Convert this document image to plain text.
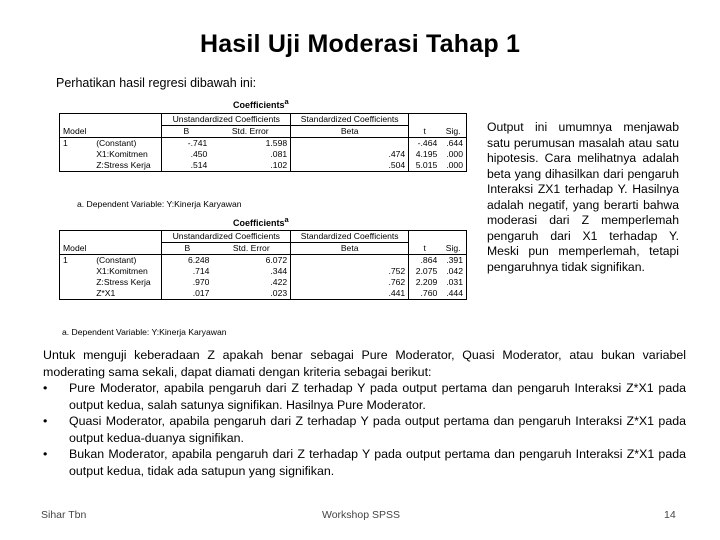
Hasil Uji Moderasi Tahap 1
Perhatikan hasil regresi dibawah ini:
Coefficients$^a$
		Unstandardized Coefficients		Standardized Coefficients		
Model		B	Std. Error	Beta	t	Sig.
1	(Constant)	-.741	1.598		-.464	.644
	X1:Komitmen	.450	.081	.474	4.195	.000
	Z:Stress Kerja	.514	.102	.504	5.015	.000
a. Dependent Variable: Y:Kinerja Karyawan
Coefficients$^a$
		Unstandardized Coefficients		Standardized Coefficients		
Model		B	Std. Error	Beta	t	Sig.
1	(Constant)	6.248	6.072		.864	.391
	X1:Komitmen	.714	.344	.752	2.075	.042
	Z:Stress Kerja	.970	.422	.762	2.209	.031
	Z*X1	.017	.023	.441	.760	.444
a. Dependent Variable: Y:Kinerja Karyawan
Output ini umumnya menjawab satu perumusan masalah atau satu hipotesis. Cara melihatnya adalah beta yang dihasilkan dari pengaruh Interaksi ZX1 terhadap Y. Hasilnya adalah negatif, yang berarti bahwa moderasi dari Z memperlemah pengaruh dari X1 terhadap Y. Meski pun memperlemah, tetapi pengaruhnya tidak signifikan.

Untuk menguji keberadaan Z apakah benar sebagai Pure Moderator, Quasi Moderator, atau bukan variabel moderating sama sekali, dapat diamati dengan kriteria sebagai berikut:

•	Pure Moderator, apabila pengaruh dari Z terhadap Y pada output pertama dan pengaruh Interaksi Z*X1 pada output kedua, salah satunya signifikan. Hasilnya Pure Moderator.
•	Quasi Moderator, apabila pengaruh dari Z terhadap Y pada output pertama dan pengaruh Interaksi Z*X1 pada output kedua-duanya signifikan.
•	Bukan Moderator, apabila pengaruh dari Z terhadap Y pada output pertama dan pengaruh Interaksi Z*X1 pada output kedua, tidak ada satupun yang signifikan.
Sihar Tbn	Workshop SPSS	14
